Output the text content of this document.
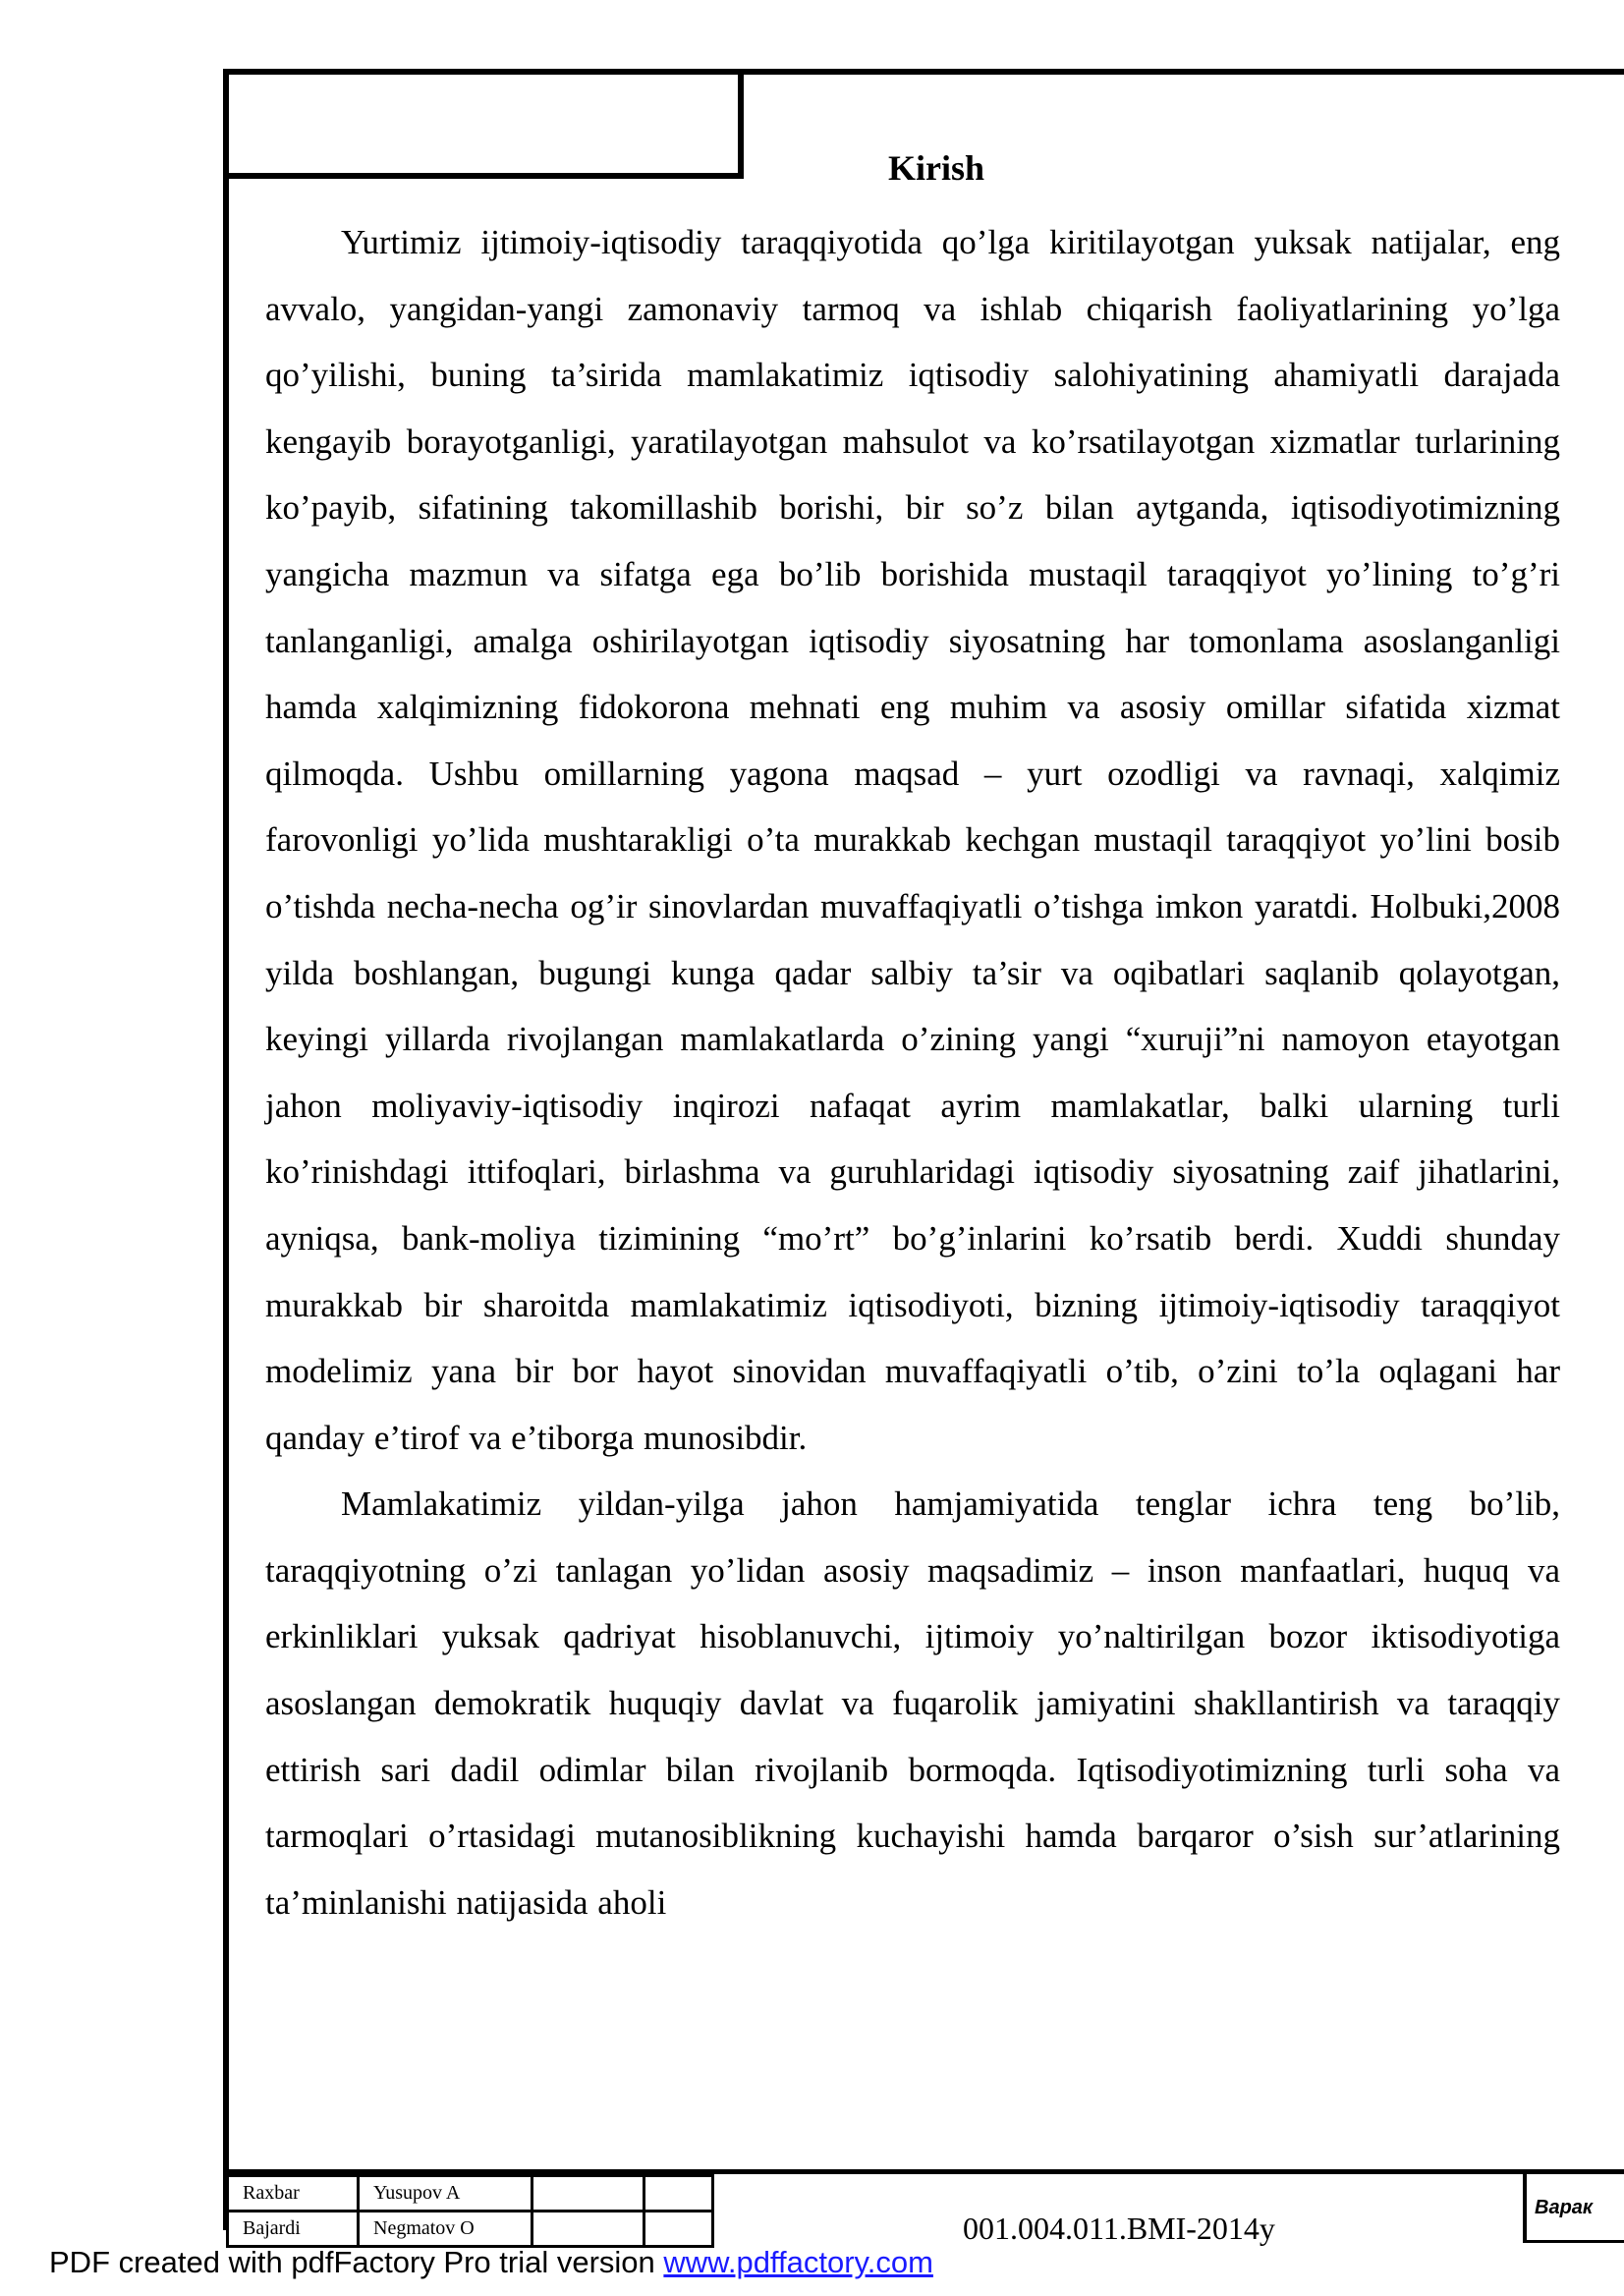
Kirish

Yurtimiz ijtimoiy-iqtisodiy taraqqiyotida qo’lga kiritilayotgan yuksak natijalar, eng avvalo, yangidan-yangi zamonaviy tarmoq va ishlab chiqarish faoliyatlarining yo’lga qo’yilishi, buning ta’sirida mamlakatimiz iqtisodiy salohiyatining ahamiyatli darajada kengayib borayotganligi, yaratilayotgan mahsulot va ko’rsatilayotgan xizmatlar turlarining ko’payib, sifatining takomillashib borishi, bir so’z bilan aytganda, iqtisodiyotimizning yangicha mazmun va sifatga ega bo’lib borishida mustaqil taraqqiyot yo’lining to’g’ri tanlanganligi, amalga oshirilayotgan iqtisodiy siyosatning har tomonlama asoslanganligi hamda xalqimizning fidokorona mehnati eng muhim va asosiy omillar sifatida xizmat qilmoqda. Ushbu omillarning yagona maqsad – yurt ozodligi va ravnaqi, xalqimiz farovonligi yo’lida mushtarakligi o’ta murakkab kechgan mustaqil taraqqiyot yo’lini bosib o’tishda necha-necha og’ir sinovlardan muvaffaqiyatli o’tishga imkon yaratdi. Holbuki,2008 yilda boshlangan, bugungi kunga qadar salbiy ta’sir va oqibatlari saqlanib qolayotgan, keyingi yillarda rivojlangan mamlakatlarda o’zining yangi “xuruji”ni namoyon etayotgan jahon moliyaviy-iqtisodiy inqirozi nafaqat ayrim mamlakatlar, balki ularning turli ko’rinishdagi ittifoqlari, birlashma va guruhlaridagi iqtisodiy siyosatning zaif jihatlarini, ayniqsa, bank-moliya tizimining “mo’rt” bo’g’inlarini ko’rsatib berdi. Xuddi shunday murakkab bir sharoitda mamlakatimiz iqtisodiyoti, bizning ijtimoiy-iqtisodiy taraqqiyot modelimiz yana bir bor hayot sinovidan muvaffaqiyatli o’tib, o’zini to’la oqlagani har qanday e’tirof va e’tiborga munosibdir.

Mamlakatimiz yildan-yilga jahon hamjamiyatida tenglar ichra teng bo’lib, taraqqiyotning o’zi tanlagan yo’lidan asosiy maqsadimiz – inson manfaatlari, huquq va erkinliklari yuksak qadriyat hisoblanuvchi, ijtimoiy yo’naltirilgan bozor iktisodiyotiga asoslangan demokratik huquqiy davlat va fuqarolik jamiyatini shakllantirish va taraqqiy ettirish sari dadil odimlar bilan rivojlanib bormoqda. Iqtisodiyotimizning turli soha va tarmoqlari o’rtasidagi mutanosiblikning kuchayishi hamda barqaror o’sish sur’atlarining ta’minlanishi natijasida aholi

Raxbar	Yusupov A		
Bajardi	Negmatov O			001.004.011.BMI-2014y
Варак
PDF created with pdfFactory Pro trial version www.pdffactory.com
